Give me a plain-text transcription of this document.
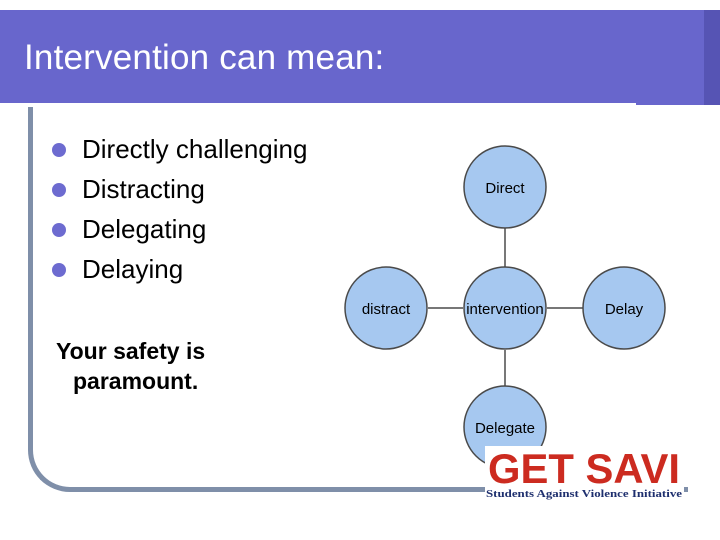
Intervention can mean:
Directly challenging
Distracting
Delegating
Delaying
Your safety is
paramount.
Direct
distract	intervention	Delay
Delegate
GET SAVI
Students Against Violence Initiative
